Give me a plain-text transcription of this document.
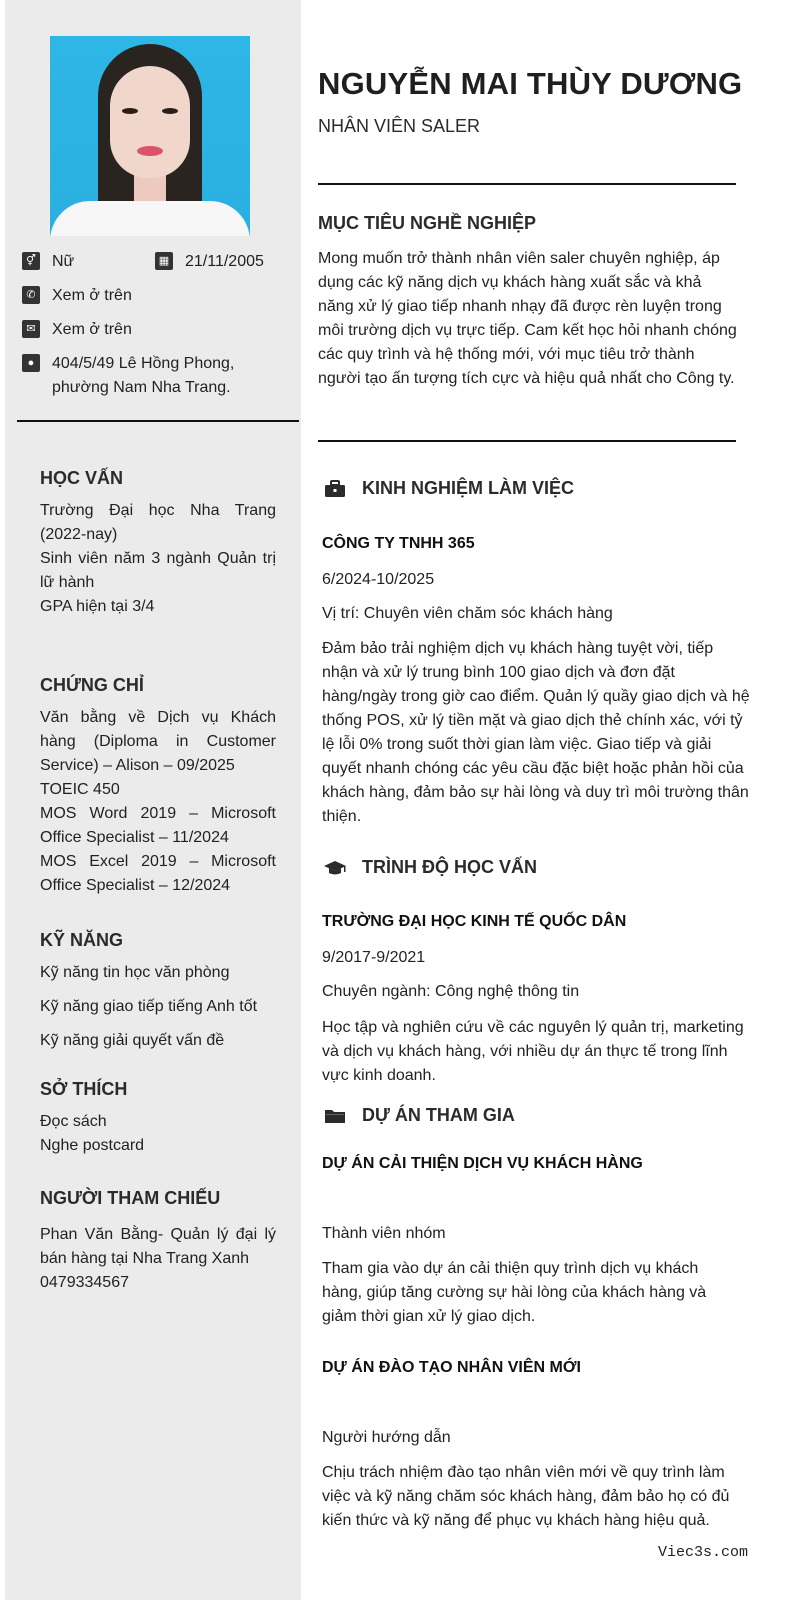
⚥ Nữ	▦ 21/11/2005
✆ Xem ở trên
✉ Xem ở trên
●	404/5/49 Lê Hồng Phong,
phường Nam Nha Trang.
HỌC VẤN
Trường Đại học Nha Trang (2022-nay)
Sinh viên năm 3 ngành Quản trị lữ hành
GPA hiện tại 3/4
CHỨNG CHỈ
Văn bằng về Dịch vụ Khách hàng (Diploma in Customer Service) – Alison – 09/2025
TOEIC 450
MOS Word 2019 – Microsoft Office Specialist – 11/2024
MOS Excel 2019 – Microsoft Office Specialist – 12/2024
KỸ NĂNG
Kỹ năng tin học văn phòng
Kỹ năng giao tiếp tiếng Anh tốt
Kỹ năng giải quyết vấn đề
SỞ THÍCH
Đọc sách
Nghe postcard
NGƯỜI THAM CHIẾU
Phan Văn Bằng- Quản lý đại lý bán hàng tại Nha Trang Xanh
0479334567
NGUYỄN MAI THÙY DƯƠNG
NHÂN VIÊN SALER
MỤC TIÊU NGHỀ NGHIỆP
Mong muốn trở thành nhân viên saler chuyên nghiệp, áp dụng các kỹ năng dịch vụ khách hàng xuất sắc và khả năng xử lý giao tiếp nhanh nhạy đã được rèn luyện trong môi trường dịch vụ trực tiếp. Cam kết học hỏi nhanh chóng các quy trình và hệ thống mới, với mục tiêu trở thành người tạo ấn tượng tích cực và hiệu quả nhất cho Công ty.
KINH NGHIỆM LÀM VIỆC
CÔNG TY TNHH 365
6/2024-10/2025
Vị trí: Chuyên viên chăm sóc khách hàng
Đảm bảo trải nghiệm dịch vụ khách hàng tuyệt vời, tiếp nhận và xử lý trung bình 100 giao dịch và đơn đặt hàng/ngày trong giờ cao điểm. Quản lý quầy giao dịch và hệ thống POS, xử lý tiền mặt và giao dịch thẻ chính xác, với tỷ lệ lỗi 0% trong suốt thời gian làm việc. Giao tiếp và giải quyết nhanh chóng các yêu cầu đặc biệt hoặc phản hồi của khách hàng, đảm bảo sự hài lòng và duy trì môi trường thân thiện.
TRÌNH ĐỘ HỌC VẤN
TRƯỜNG ĐẠI HỌC KINH TẾ QUỐC DÂN
9/2017-9/2021
Chuyên ngành: Công nghệ thông tin
Học tập và nghiên cứu về các nguyên lý quản trị, marketing và dịch vụ khách hàng, với nhiều dự án thực tế trong lĩnh vực kinh doanh.
DỰ ÁN THAM GIA
DỰ ÁN CẢI THIỆN DỊCH VỤ KHÁCH HÀNG
Thành viên nhóm
Tham gia vào dự án cải thiện quy trình dịch vụ khách hàng, giúp tăng cường sự hài lòng của khách hàng và giảm thời gian xử lý giao dịch.
DỰ ÁN ĐÀO TẠO NHÂN VIÊN MỚI
Người hướng dẫn
Chịu trách nhiệm đào tạo nhân viên mới về quy trình làm việc và kỹ năng chăm sóc khách hàng, đảm bảo họ có đủ kiến thức và kỹ năng để phục vụ khách hàng hiệu quả.
Viec3s.com
